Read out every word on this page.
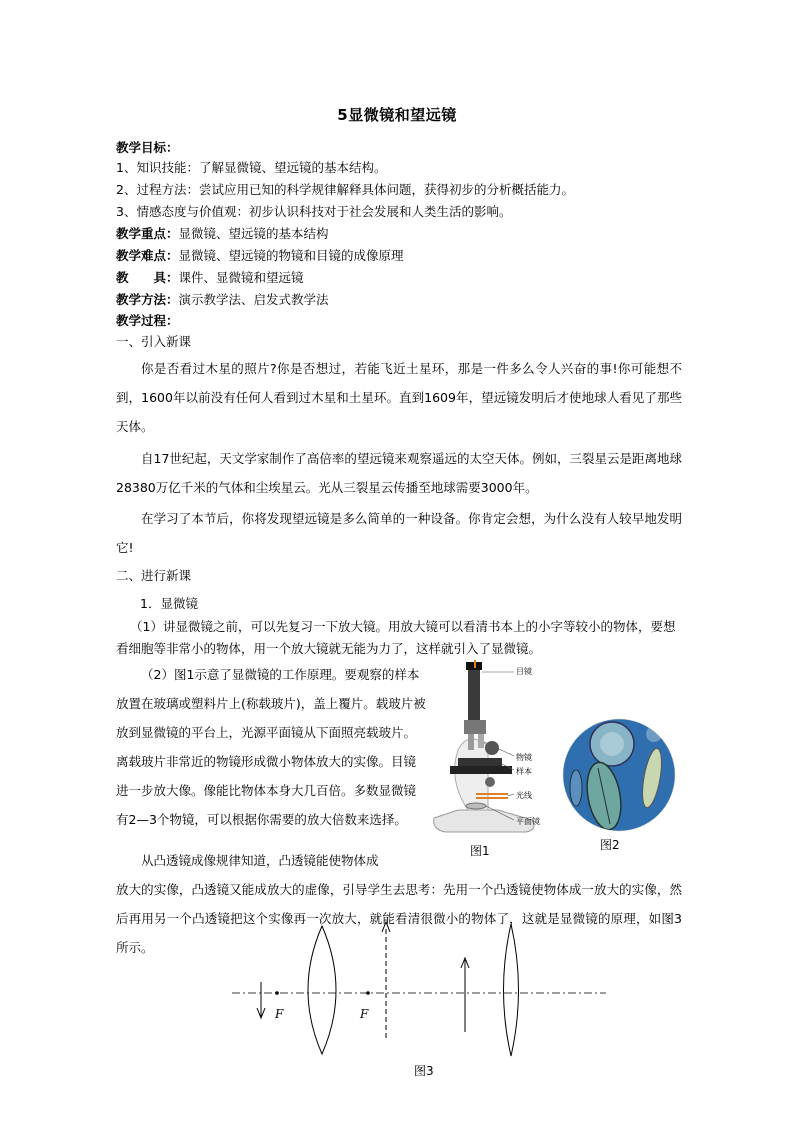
5显微镜和望远镜
教学目标：
1、知识技能：了解显微镜、望远镜的基本结构。
2、过程方法：尝试应用已知的科学规律解释具体问题，获得初步的分析概括能力。
3、情感态度与价值观：初步认识科技对于社会发展和人类生活的影响。
教学重点：显微镜、望远镜的基本结构
教学难点：显微镜、望远镜的物镜和目镜的成像原理
教　　具：课件、显微镜和望远镜
教学方法：演示教学法、启发式教学法
教学过程：
一、引入新课
你是否看过木星的照片?你是否想过，若能飞近土星环，那是一件多么令人兴奋的事!你可能想不到，1600年以前没有任何人看到过木星和土星环。直到1609年，望远镜发明后才使地球人看见了那些天体。
自17世纪起，天文学家制作了高倍率的望远镜来观察遥远的太空天体。例如，三裂星云是距离地球28380万亿千米的气体和尘埃星云。光从三裂星云传播至地球需要3000年。
在学习了本节后，你将发现望远镜是多么简单的一种设备。你肯定会想，为什么没有人较早地发明它!
二、进行新课
1．显微镜
（1）讲显微镜之前，可以先复习一下放大镜。用放大镜可以看清书本上的小字等较小的物体，要想看细胞等非常小的物体，用一个放大镜就无能为力了，这样就引入了显微镜。
（2）图1示意了显微镜的工作原理。要观察的样本放置在玻璃或塑料片上(称载玻片)，盖上覆片。载玻片被放到显微镜的平台上，光源平面镜从下面照亮载玻片。离载玻片非常近的物镜形成微小物体放大的实像。目镜进一步放大像。像能比物体本身大几百倍。多数显微镜有2—3个物镜，可以根据你需要的放大倍数来选择。
从凸透镜成像规律知道，凸透镜能使物体成
放大的实像，凸透镜又能成放大的虚像，引导学生去思考：先用一个凸透镜使物体成一放大的实像，然后再用另一个凸透镜把这个实像再一次放大，就能看清很微小的物体了，这就是显微镜的原理，如图3所示。
目镜
物镜
样本
光线
平面镜
图1	图2
F	F
图3
